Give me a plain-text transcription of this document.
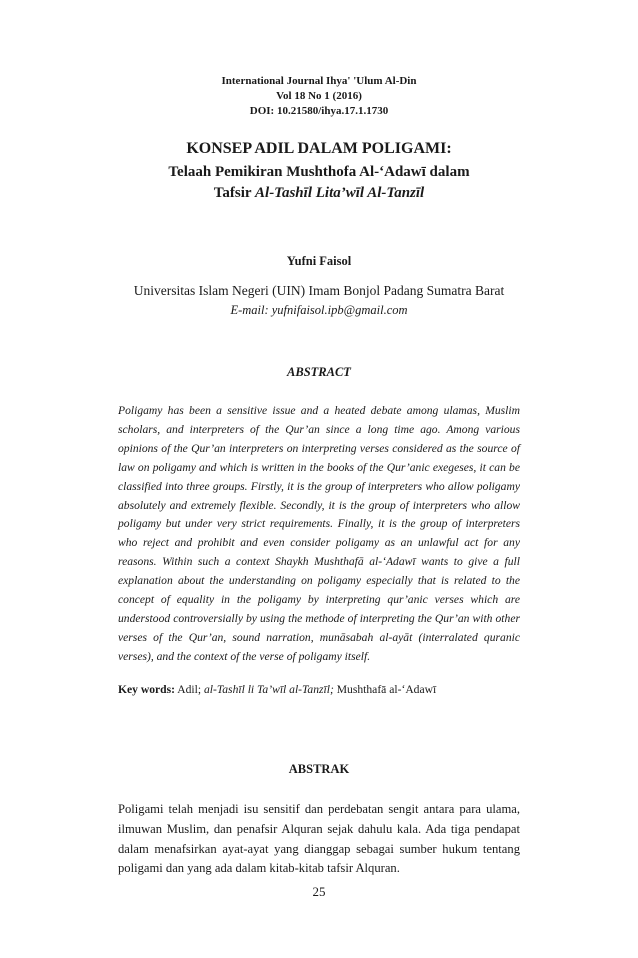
International Journal Ihya' 'Ulum Al-Din
Vol 18 No 1 (2016)
DOI: 10.21580/ihya.17.1.1730
KONSEP ADIL DALAM POLIGAMI:
Telaah Pemikiran Mushthofa Al-‘Adawī dalam
Tafsir Al-Tashīl Lita’wīl Al-Tanzīl
Yufni Faisol
Universitas Islam Negeri (UIN) Imam Bonjol Padang Sumatra Barat
E-mail: yufnifaisol.ipb@gmail.com
ABSTRACT

Poligamy has been a sensitive issue and a heated debate among ulamas, Muslim scholars, and interpreters of the Qur’an since a long time ago. Among various opinions of the Qur’an interpreters on interpreting verses considered as the source of law on poligamy and which is written in the books of the Qur’anic exegeses, it can be classified into three groups. Firstly, it is the group of interpreters who allow poligamy absolutely and extremely flexible. Secondly, it is the group of interpreters who allow poligamy but under very strict requirements. Finally, it is the group of interpreters who reject and prohibit and even consider poligamy as an unlawful act for any reasons. Within such a context Shaykh Mushthafā al-‘Adawī wants to give a full explanation about the understanding on poligamy especially that is related to the concept of equality in the poligamy by interpreting qur’anic verses which are understood controversially by using the methode of interpreting the Qur’an with other verses of the Qur’an, sound narration, munāsabah al-ayāt (interralated quranic verses), and the context of the verse of poligamy itself.

Key words: Adil; al-Tashīl li Ta’wīl al-Tanzīl; Mushthafā al-‘Adawī
ABSTRAK

Poligami telah menjadi isu sensitif dan perdebatan sengit antara para ulama, ilmuwan Muslim, dan penafsir Alquran sejak dahulu kala. Ada tiga pendapat dalam menafsirkan ayat-ayat yang dianggap sebagai sumber hukum tentang poligami dan yang ada dalam kitab-kitab tafsir Alquran.

25
